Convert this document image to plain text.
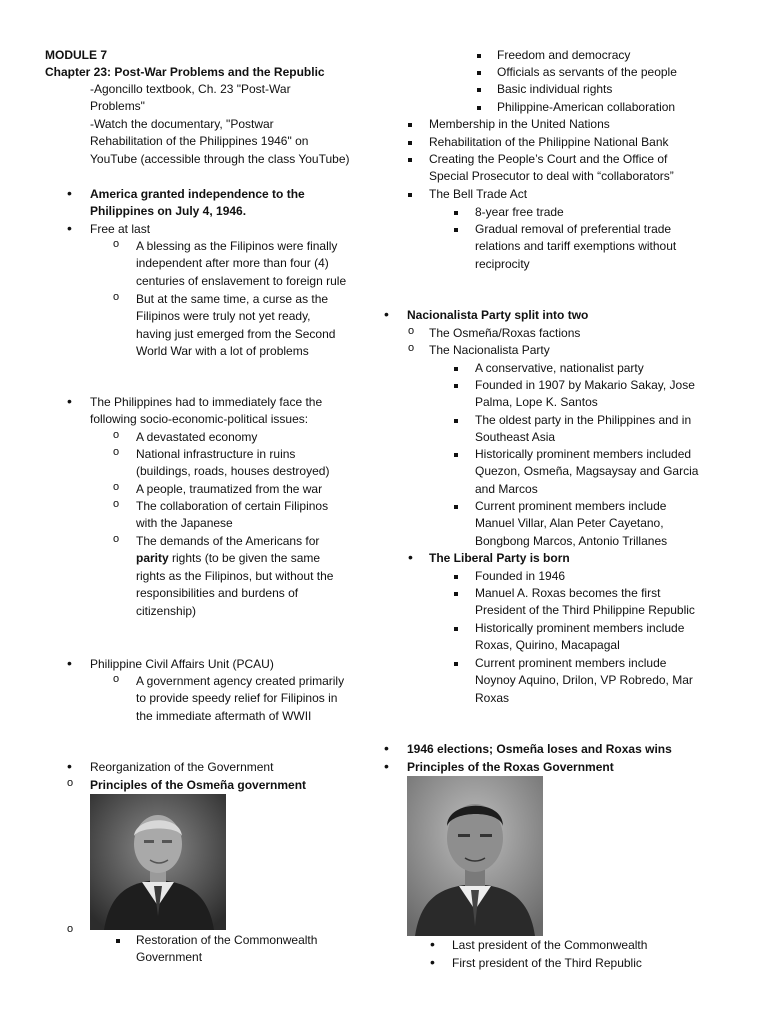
MODULE 7
Chapter 23: Post-War Problems and the Republic
-Agoncillo textbook, Ch. 23 "Post-War
Problems"
-Watch the documentary, "Postwar
Rehabilitation of the Philippines 1946" on
YouTube (accessible through the class YouTube)
America granted independence to the
Philippines on July 4, 1946.
Free at last
A blessing as the Filipinos were finally
independent after more than four (4)
centuries of enslavement to foreign rule
But at the same time, a curse as the
Filipinos were truly not yet ready,
having just emerged from the Second
World War with a lot of problems
The Philippines had to immediately face the
following socio-economic-political issues:
A devastated economy
National infrastructure in ruins
(buildings, roads, houses destroyed)
A people, traumatized from the war
The collaboration of certain Filipinos
with the Japanese
The demands of the Americans for
parity rights (to be given the same
rights as the Filipinos, but without the
responsibilities and burdens of
citizenship)
Philippine Civil Affairs Unit (PCAU)
A government agency created primarily
to provide speedy relief for Filipinos in
the immediate aftermath of WWII
Reorganization of the Government
Principles of the Osmeña government
Restoration of the Commonwealth
Government
Freedom and democracy
Officials as servants of the people
Basic individual rights
Philippine-American collaboration
Membership in the United Nations
Rehabilitation of the Philippine National Bank
Creating the People’s Court and the Office of
Special Prosecutor to deal with “collaborators”
The Bell Trade Act
8-year free trade
Gradual removal of preferential trade
relations and tariff exemptions without
reciprocity
Nacionalista Party split into two
The Osmeña/Roxas factions
The Nacionalista Party
A conservative, nationalist party
Founded in 1907 by Makario Sakay, Jose
Palma, Lope K. Santos
The oldest party in the Philippines and in
Southeast Asia
Historically prominent members included
Quezon, Osmeña, Magsaysay and Garcia
and Marcos
Current prominent members include
Manuel Villar, Alan Peter Cayetano,
Bongbong Marcos, Antonio Trillanes
The Liberal Party is born
Founded in 1946
Manuel A. Roxas becomes the first
President of the Third Philippine Republic
Historically prominent members include
Roxas, Quirino, Macapagal
Current prominent members include
Noynoy Aquino, Drilon, VP Robredo, Mar
Roxas
1946 elections; Osmeña loses and Roxas wins
Principles of the Roxas Government
Last president of the Commonwealth
First president of the Third Republic
